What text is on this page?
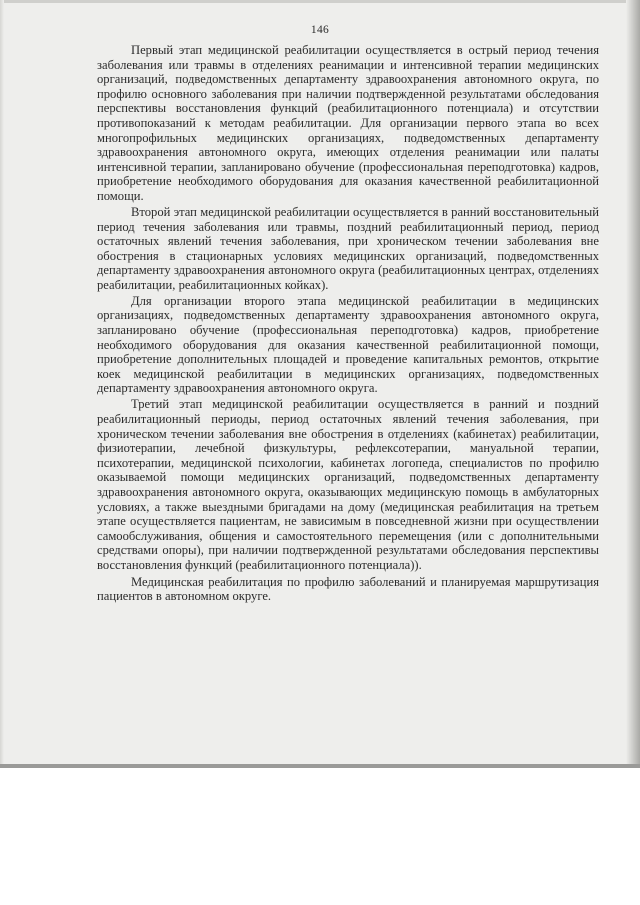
146

Первый этап медицинской реабилитации осуществляется в острый период течения заболевания или травмы в отделениях реанимации и интенсивной терапии медицинских организаций, подведомственных департаменту здравоохранения автономного округа, по профилю основного заболевания при наличии подтвержденной результатами обследования перспективы восстановления функций (реабилитационного потенциала) и отсутствии противопоказаний к методам реабилитации. Для организации первого этапа во всех многопрофильных медицинских организациях, подведомственных департаменту здравоохранения автономного округа, имеющих отделения реанимации или палаты интенсивной терапии, запланировано обучение (профессиональная переподготовка) кадров, приобретение необходимого оборудования для оказания качественной реабилитационной помощи.

Второй этап медицинской реабилитации осуществляется в ранний восстановительный период течения заболевания или травмы, поздний реабилитационный период, период остаточных явлений течения заболевания, при хроническом течении заболевания вне обострения в стационарных условиях медицинских организаций, подведомственных департаменту здравоохранения автономного округа (реабилитационных центрах, отделениях реабилитации, реабилитационных койках).

Для организации второго этапа медицинской реабилитации в медицинских организациях, подведомственных департаменту здравоохранения автономного округа, запланировано обучение (профессиональная переподготовка) кадров, приобретение необходимого оборудования для оказания качественной реабилитационной помощи, приобретение дополнительных площадей и проведение капитальных ремонтов, открытие коек медицинской реабилитации в медицинских организациях, подведомственных департаменту здравоохранения автономного округа.

Третий этап медицинской реабилитации осуществляется в ранний и поздний реабилитационный периоды, период остаточных явлений течения заболевания, при хроническом течении заболевания вне обострения в отделениях (кабинетах) реабилитации, физиотерапии, лечебной физкультуры, рефлексотерапии, мануальной терапии, психотерапии, медицинской психологии, кабинетах логопеда, специалистов по профилю оказываемой помощи медицинских организаций, подведомственных департаменту здравоохранения автономного округа, оказывающих медицинскую помощь в амбулаторных условиях, а также выездными бригадами на дому (медицинская реабилитация на третьем этапе осуществляется пациентам, не зависимым в повседневной жизни при осуществлении самообслуживания, общения и самостоятельного перемещения (или с дополнительными средствами опоры), при наличии подтвержденной результатами обследования перспективы восстановления функций (реабилитационного потенциала)).

Медицинская реабилитация по профилю заболеваний и планируемая маршрутизация пациентов в автономном округе.
